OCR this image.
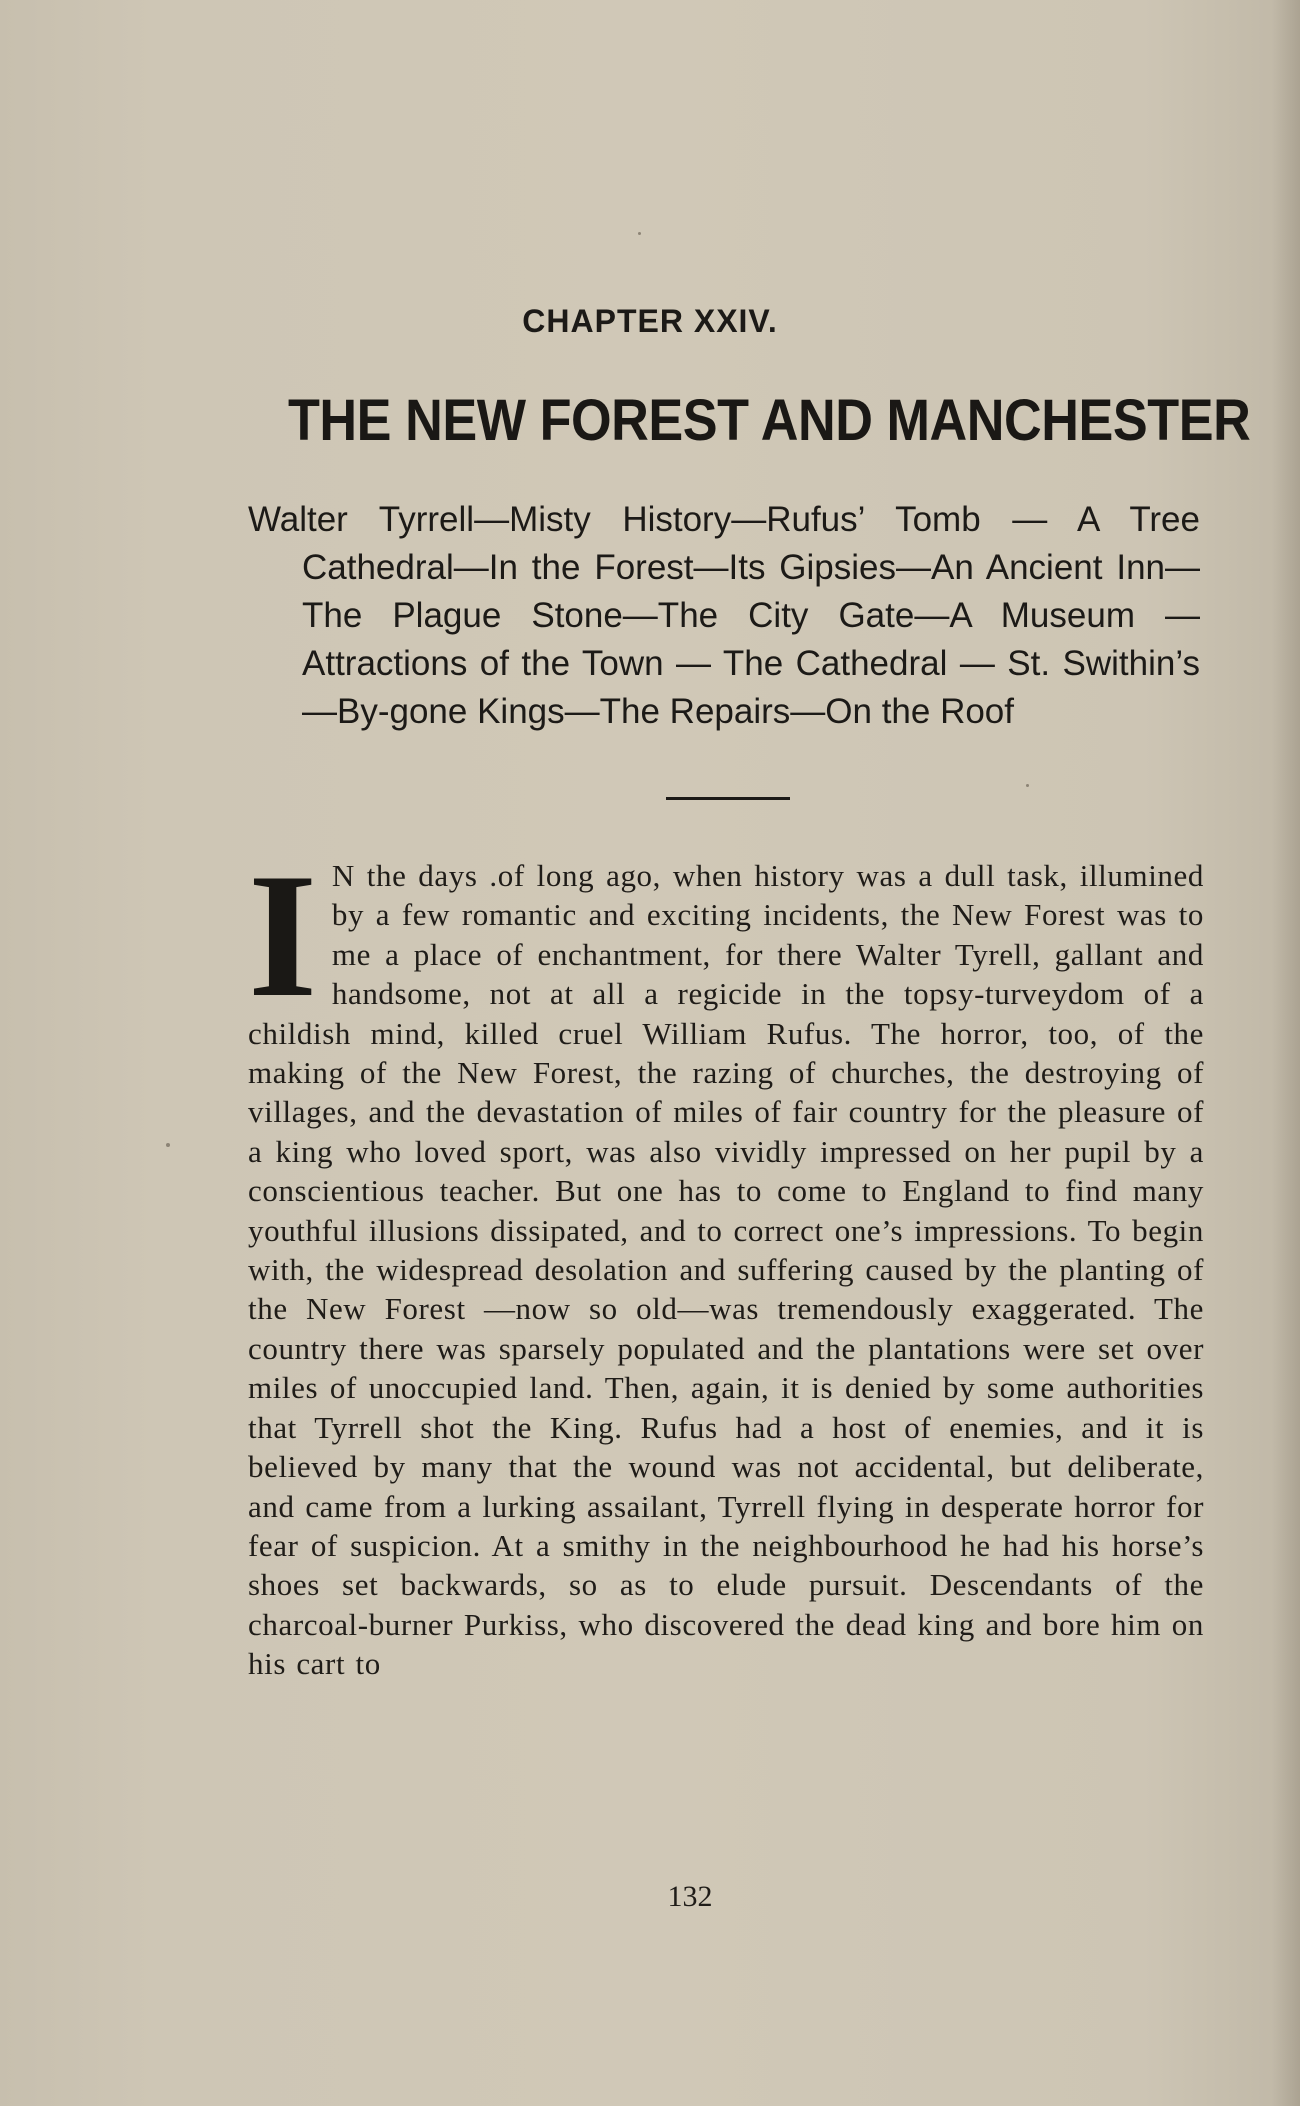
CHAPTER XXIV.
THE NEW FOREST AND MANCHESTER

Walter Tyrrell—Misty History—Rufus’ Tomb — A Tree Cathedral—In the Forest—Its Gipsies—An Ancient Inn—The Plague Stone—The City Gate—A Museum — Attractions of the Town — The Cathedral — St. Swithin’s—By-gone Kings—The Repairs—On the Roof

I N the days .of long ago, when history was a dull task, illumined by a few romantic and exciting incidents, the New Forest was to me a place of enchantment, for there Walter Tyrell, gallant and handsome, not at all a regicide in the topsy-turveydom of a childish mind, killed cruel William Rufus. The horror, too, of the making of the New Forest, the razing of churches, the destroying of villages, and the devastation of miles of fair country for the pleasure of a king who loved sport, was also vividly impressed on her pupil by a conscientious teacher. But one has to come to England to find many youthful illusions dissipated, and to correct one’s impressions. To begin with, the widespread desolation and suffering caused by the planting of the New Forest —now so old—was tremendously exaggerated. The country there was sparsely populated and the plantations were set over miles of unoccupied land. Then, again, it is denied by some authorities that Tyrrell shot the King. Rufus had a host of enemies, and it is believed by many that the wound was not accidental, but deliberate, and came from a lurking assailant, Tyrrell flying in desperate horror for fear of suspicion. At a smithy in the neighbourhood he had his horse’s shoes set backwards, so as to elude pursuit. Descendants of the charcoal-burner Purkiss, who discovered the dead king and bore him on his cart to
132
